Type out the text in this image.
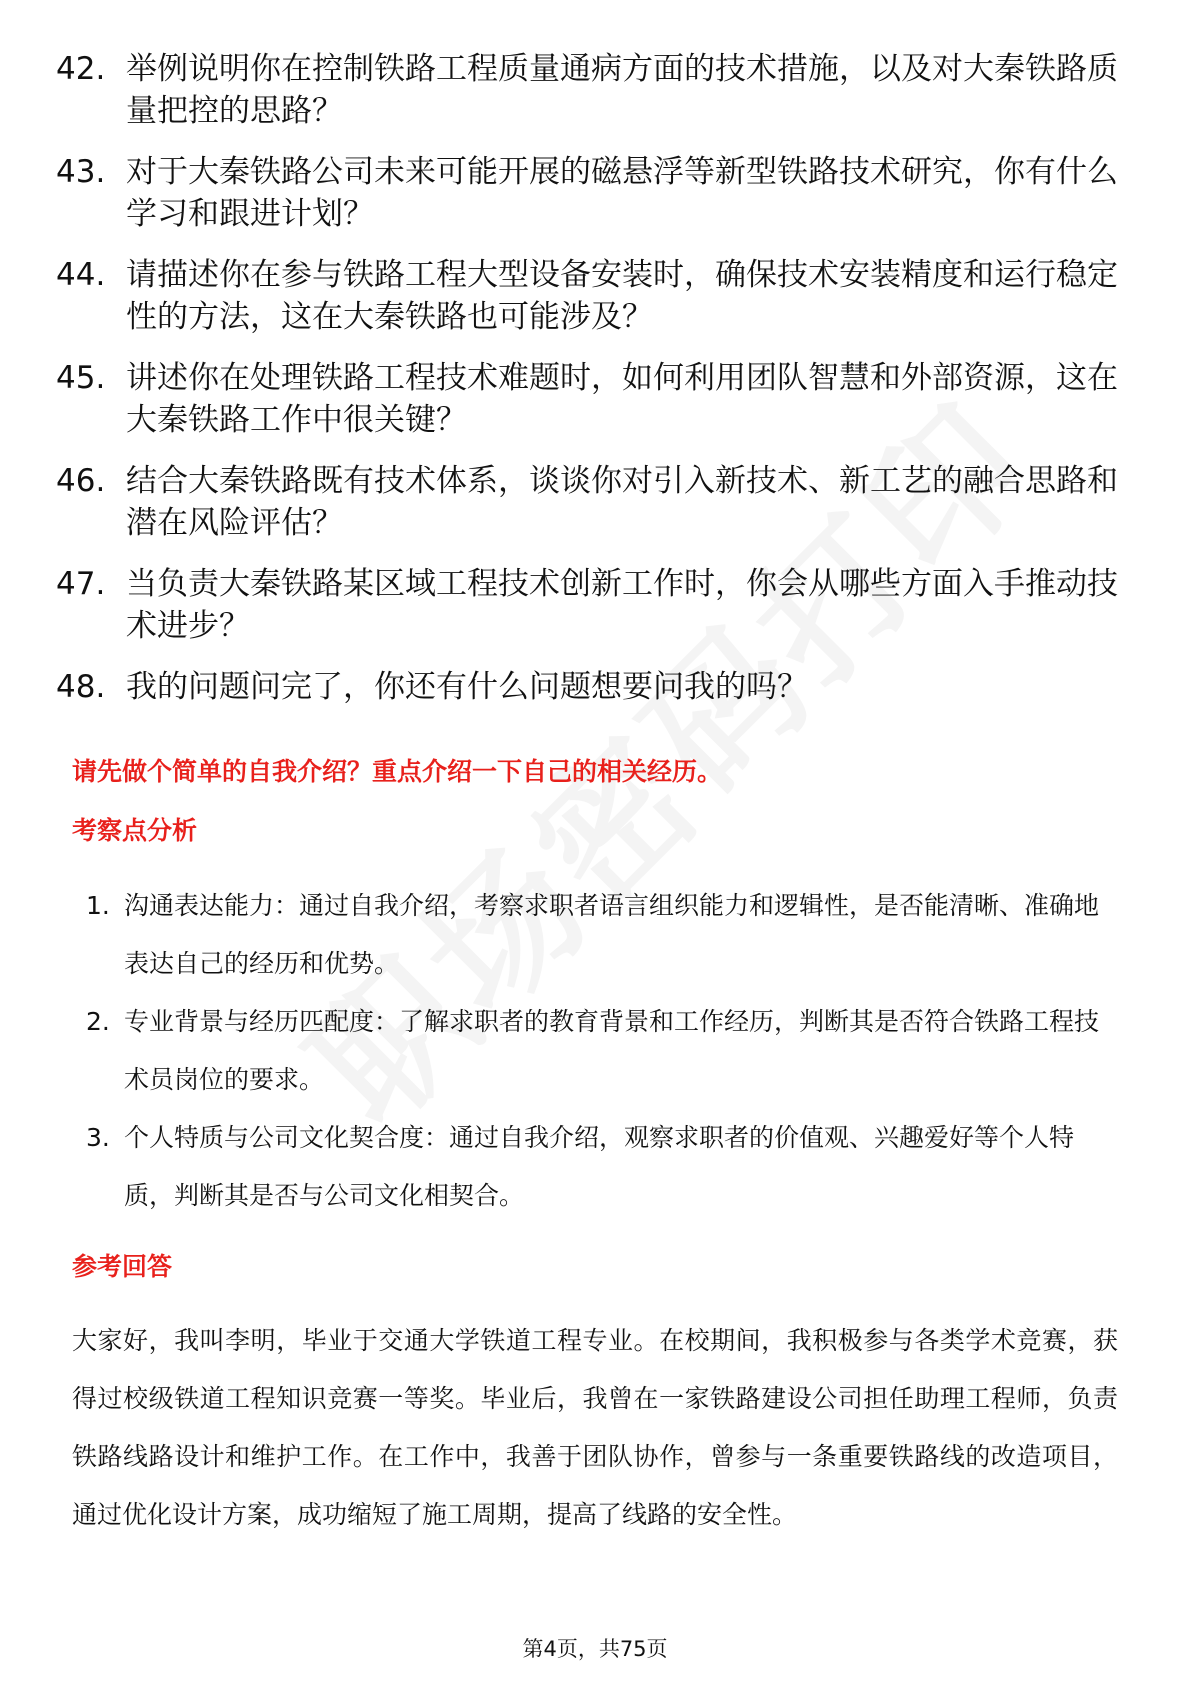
42. 举例说明你在控制铁路工程质量通病方面的技术措施，以及对大秦铁路质量把控的思路？
43. 对于大秦铁路公司未来可能开展的磁悬浮等新型铁路技术研究，你有什么学习和跟进计划？
44. 请描述你在参与铁路工程大型设备安装时，确保技术安装精度和运行稳定性的方法，这在大秦铁路也可能涉及？
45. 讲述你在处理铁路工程技术难题时，如何利用团队智慧和外部资源，这在大秦铁路工作中很关键？
46. 结合大秦铁路既有技术体系，谈谈你对引入新技术、新工艺的融合思路和潜在风险评估？
47. 当负责大秦铁路某区域工程技术创新工作时，你会从哪些方面入手推动技术进步？
48. 我的问题问完了，你还有什么问题想要问我的吗？
请先做个简单的自我介绍？重点介绍一下自己的相关经历。
考察点分析
1. 沟通表达能力：通过自我介绍，考察求职者语言组织能力和逻辑性，是否能清晰、准确地表达自己的经历和优势。
2. 专业背景与经历匹配度：了解求职者的教育背景和工作经历，判断其是否符合铁路工程技术员岗位的要求。
3. 个人特质与公司文化契合度：通过自我介绍，观察求职者的价值观、兴趣爱好等个人特质，判断其是否与公司文化相契合。
参考回答
大家好，我叫李明，毕业于交通大学铁道工程专业。在校期间，我积极参与各类学术竞赛，获得过校级铁道工程知识竞赛一等奖。毕业后，我曾在一家铁路建设公司担任助理工程师，负责铁路线路设计和维护工作。在工作中，我善于团队协作，曾参与一条重要铁路线的改造项目，通过优化设计方案，成功缩短了施工周期，提高了线路的安全性。
第4页，共75页
